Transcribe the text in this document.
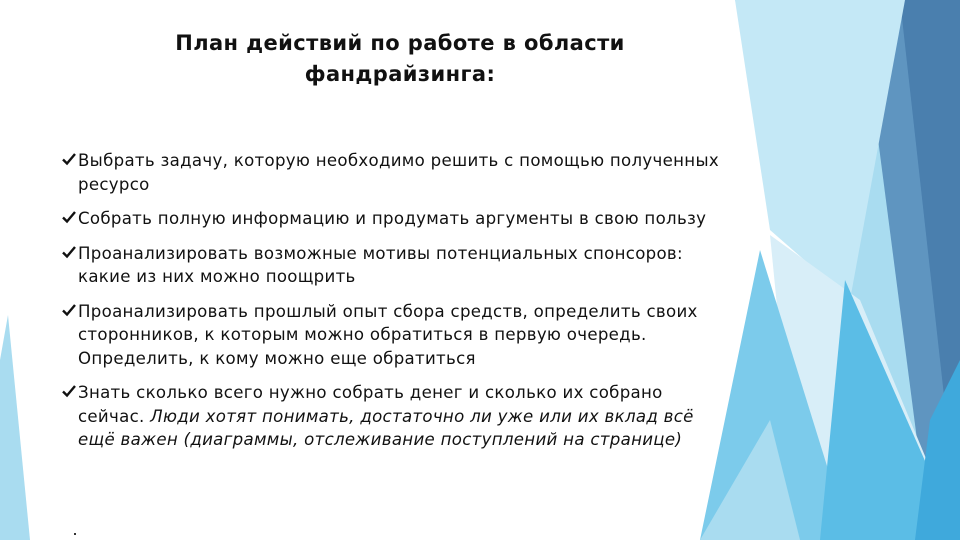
План действий по работе в области
фандрайзинга:
Выбрать задачу, которую необходимо решить с помощью полученных ресурсо
Собрать полную информацию и продумать аргументы в свою пользу
Проанализировать возможные мотивы потенциальных спонсоров: какие из них можно поощрить
Проанализировать прошлый опыт сбора средств, определить своих сторонников, к которым можно обратиться в первую очередь. Определить, к кому можно еще обратиться
Знать сколько всего нужно собрать денег и сколько их собрано сейчас. Люди хотят понимать, достаточно ли уже или их вклад всё ещё важен (диаграммы, отслеживание поступлений на странице)
